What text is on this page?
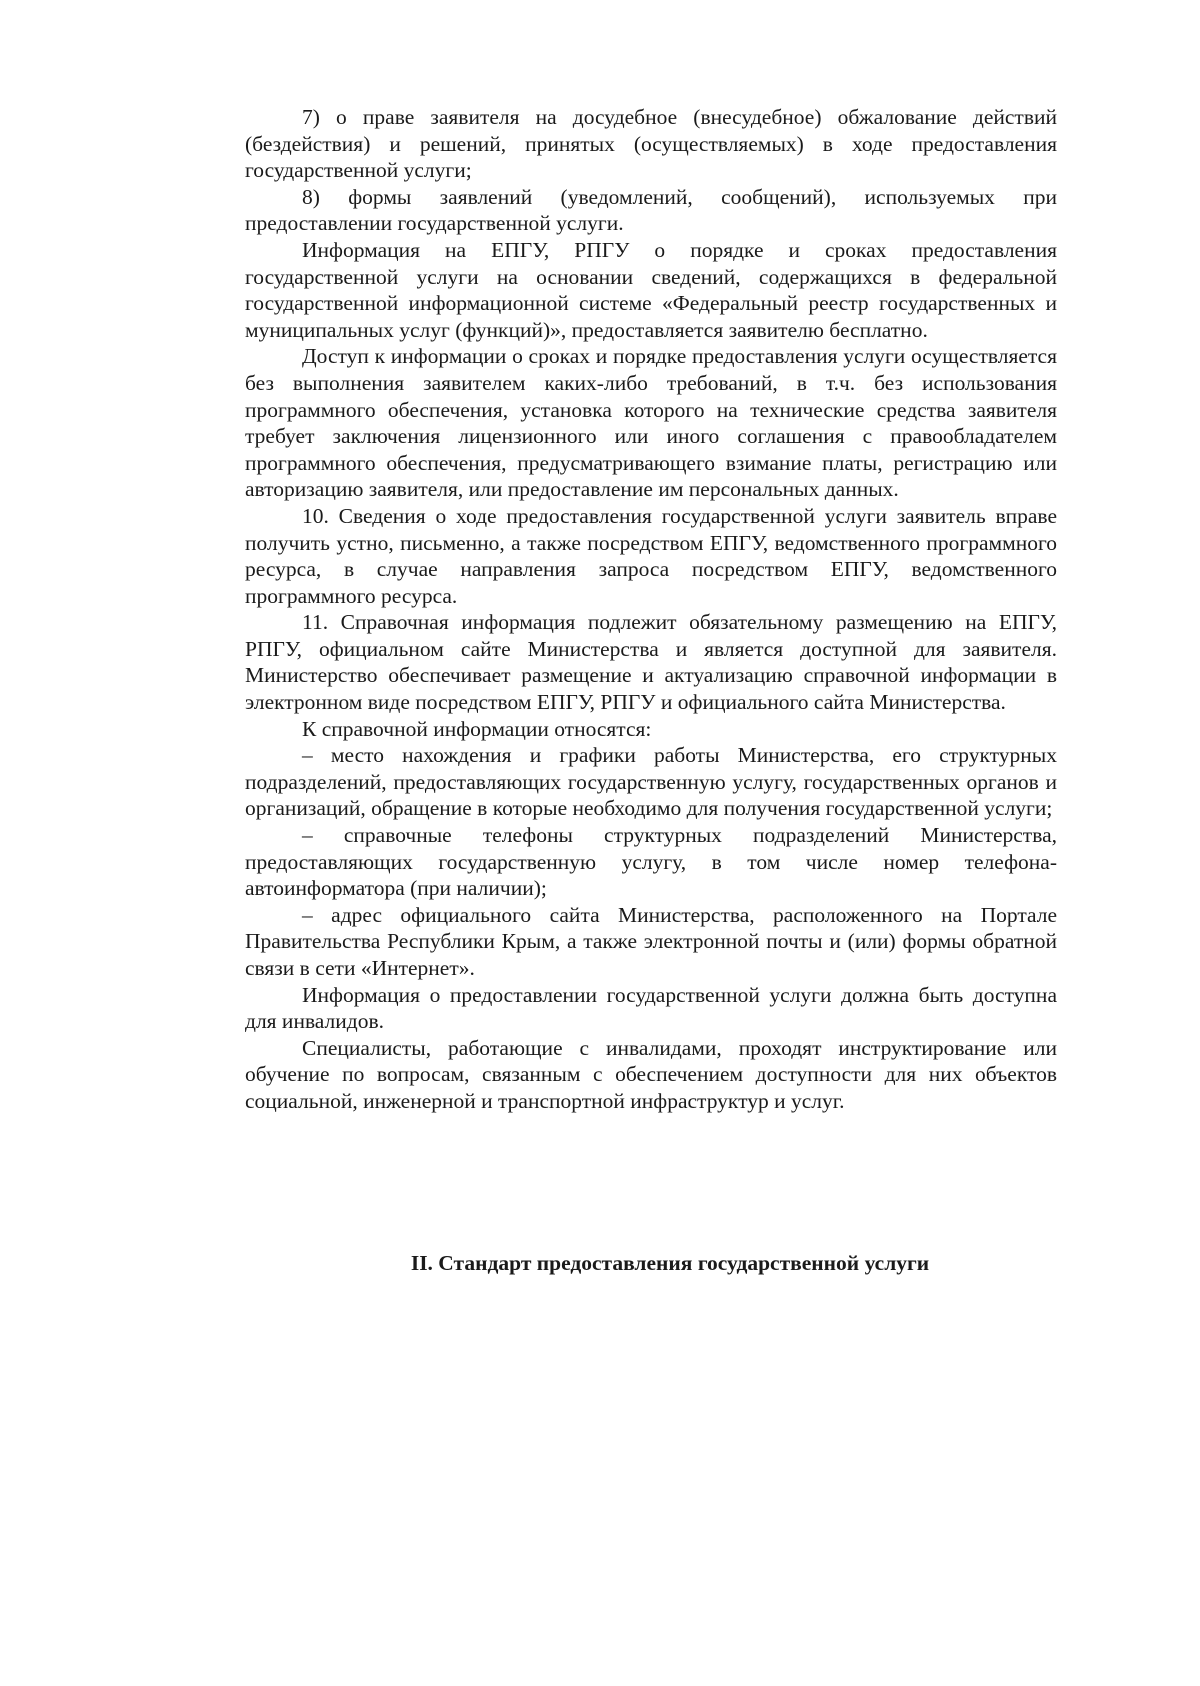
7) о праве заявителя на досудебное (внесудебное) обжалование действий (бездействия) и решений, принятых (осуществляемых) в ходе предоставления государственной услуги;

8) формы заявлений (уведомлений, сообщений), используемых при предоставлении государственной услуги.

Информация на ЕПГУ, РПГУ о порядке и сроках предоставления государственной услуги на основании сведений, содержащихся в федеральной государственной информационной системе «Федеральный реестр государственных и муниципальных услуг (функций)», предоставляется заявителю бесплатно.

Доступ к информации о сроках и порядке предоставления услуги осуществляется без выполнения заявителем каких-либо требований, в т.ч. без использования программного обеспечения, установка которого на технические средства заявителя требует заключения лицензионного или иного соглашения с правообладателем программного обеспечения, предусматривающего взимание платы, регистрацию или авторизацию заявителя, или предоставление им персональных данных.

10. Сведения о ходе предоставления государственной услуги заявитель вправе получить устно, письменно, а также посредством ЕПГУ, ведомственного программного ресурса, в случае направления запроса посредством ЕПГУ, ведомственного программного ресурса.

11. Справочная информация подлежит обязательному размещению на ЕПГУ, РПГУ, официальном сайте Министерства и является доступной для заявителя. Министерство обеспечивает размещение и актуализацию справочной информации в электронном виде посредством ЕПГУ, РПГУ и официального сайта Министерства.

К справочной информации относятся:

– место нахождения и графики работы Министерства, его структурных подразделений, предоставляющих государственную услугу, государственных органов и организаций, обращение в которые необходимо для получения государственной услуги;

– справочные телефоны структурных подразделений Министерства, предоставляющих государственную услугу, в том числе номер телефона-автоинформатора (при наличии);

– адрес официального сайта Министерства, расположенного на Портале Правительства Республики Крым, а также электронной почты и (или) формы обратной связи в сети «Интернет».

Информация о предоставлении государственной услуги должна быть доступна для инвалидов.

Специалисты, работающие с инвалидами, проходят инструктирование или обучение по вопросам, связанным с обеспечением доступности для них объектов социальной, инженерной и транспортной инфраструктур и услуг.

II. Стандарт предоставления государственной услуги
